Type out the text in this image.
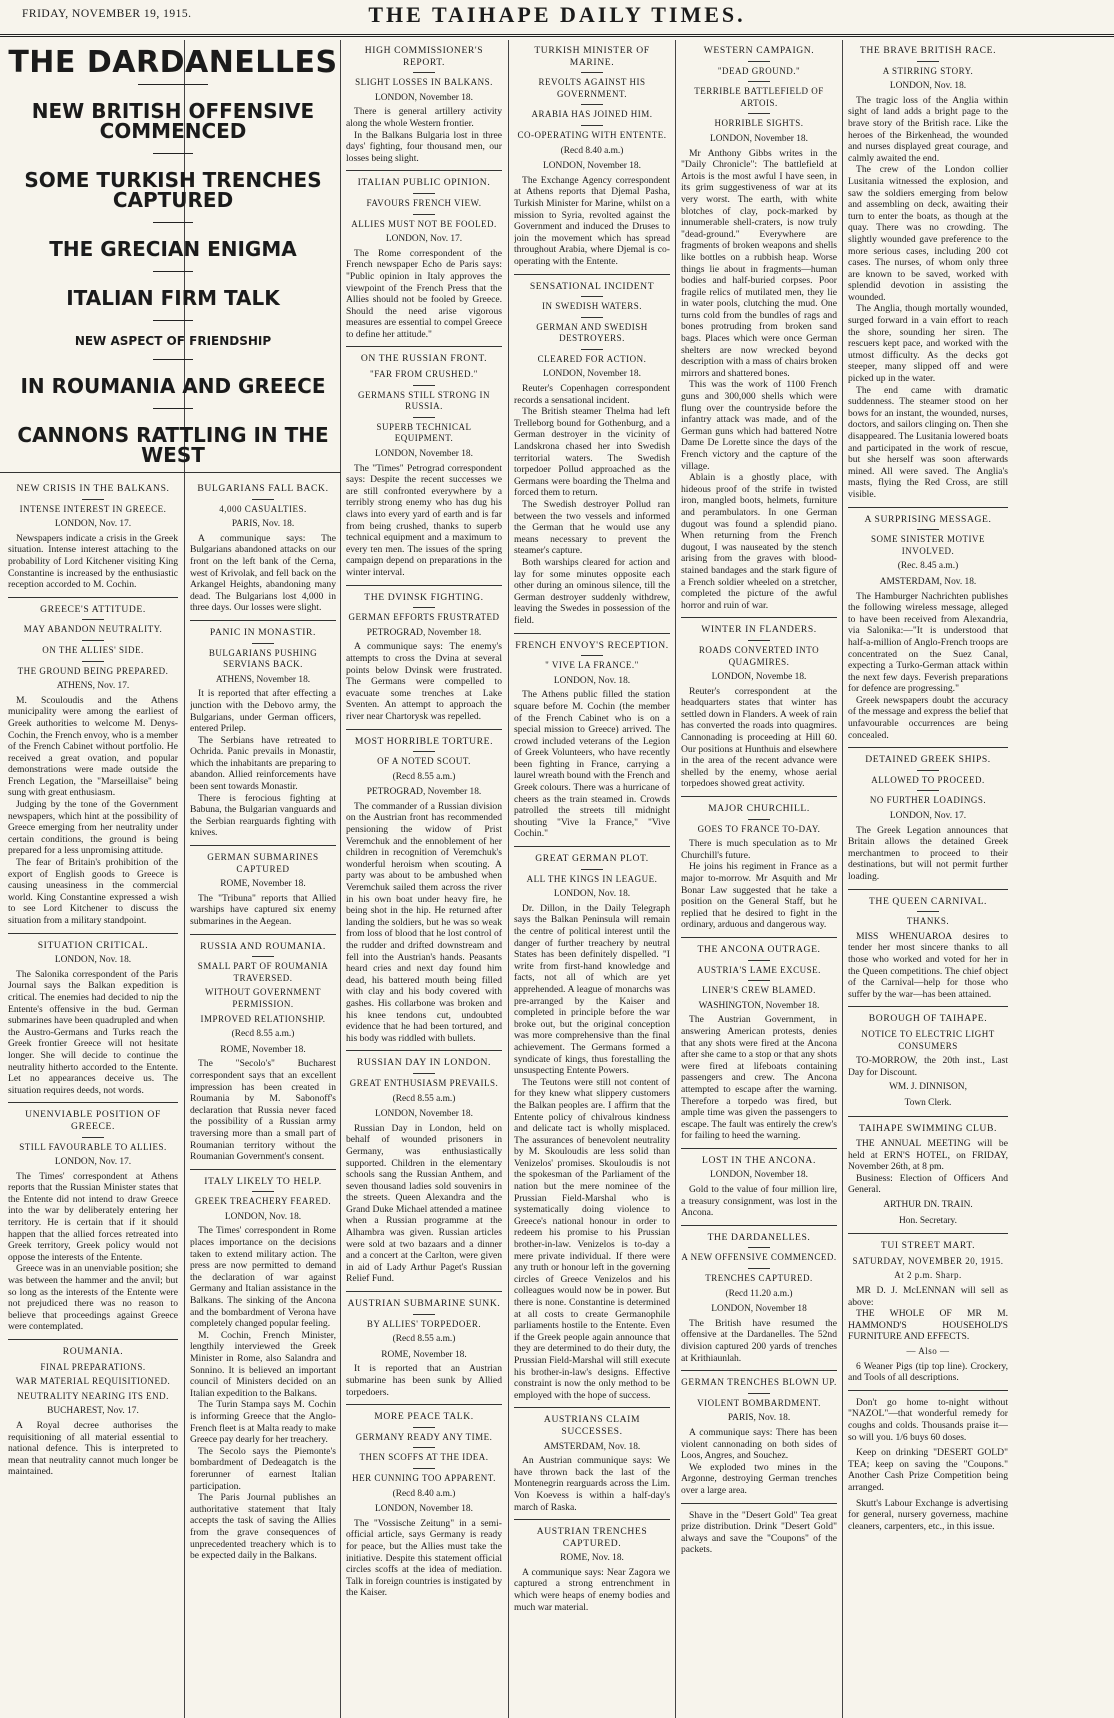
FRIDAY, NOVEMBER 19, 1915.	THE TAIHAPE DAILY TIMES.
THE DARDANELLES
NEW BRITISH OFFENSIVE COMMENCED
SOME TURKISH TRENCHES CAPTURED
THE GRECIAN ENIGMA
ITALIAN FIRM TALK
NEW ASPECT OF FRIENDSHIP
IN ROUMANIA AND GREECE
CANNONS RATTLING IN THE WEST
NEW CRISIS IN THE BALKANS.
INTENSE INTEREST IN GREECE.
LONDON, Nov. 17.

Newspapers indicate a crisis in the Greek situation. Intense interest attaching to the probability of Lord Kitchener visiting King Constantine is increased by the enthusiastic reception accorded to M. Cochin.

GREECE'S ATTITUDE.
MAY ABANDON NEUTRALITY.
ON THE ALLIES' SIDE.
THE GROUND BEING PREPARED.
ATHENS, Nov. 17.

M. Scouloudis and the Athens municipality were among the earliest of Greek authorities to welcome M. Denys-Cochin, the French envoy, who is a member of the French Cabinet without portfolio. He received a great ovation, and popular demonstrations were made outside the French Legation, the "Marseillaise" being sung with great enthusiasm.

Judging by the tone of the Government newspapers, which hint at the possibility of Greece emerging from her neutrality under certain conditions, the ground is being prepared for a less unpromising attitude.

The fear of Britain's prohibition of the export of English goods to Greece is causing uneasiness in the commercial world. King Constantine expressed a wish to see Lord Kitchener to discuss the situation from a military standpoint.

SITUATION CRITICAL.
LONDON, Nov. 18.

The Salonika correspondent of the Paris Journal says the Balkan expedition is critical. The enemies had decided to nip the Entente's offensive in the bud. German submarines have been quadrupled and when the Austro-Germans and Turks reach the Greek frontier Greece will not hesitate longer. She will decide to continue the neutrality hitherto accorded to the Entente. Let no appearances deceive us. The situation requires deeds, not words.

UNENVIABLE POSITION OF GREECE.
STILL FAVOURABLE TO ALLIES.
LONDON, Nov. 17.

The Times' correspondent at Athens reports that the Russian Minister states that the Entente did not intend to draw Greece into the war by deliberately entering her territory. He is certain that if it should happen that the allied forces retreated into Greek territory, Greek policy would not oppose the interests of the Entente.

Greece was in an unenviable position; she was between the hammer and the anvil; but so long as the interests of the Entente were not prejudiced there was no reason to believe that proceedings against Greece were contemplated.

ROUMANIA.
FINAL PREPARATIONS.
WAR MATERIAL REQUISITIONED.
NEUTRALITY NEARING ITS END.
BUCHAREST, Nov. 17.

A Royal decree authorises the requisitioning of all material essential to national defence. This is interpreted to mean that neutrality cannot much longer be maintained.

BULGARIANS FALL BACK.
4,000 CASUALTIES.
PARIS, Nov. 18.

A communique says: The Bulgarians abandoned attacks on our front on the left bank of the Cerna, west of Krivolak, and fell back on the Arkangel Heights, abandoning many dead. The Bulgarians lost 4,000 in three days. Our losses were slight.

PANIC IN MONASTIR.
BULGARIANS PUSHING SERVIANS BACK.
ATHENS, November 18.

It is reported that after effecting a junction with the Debovo army, the Bulgarians, under German officers, entered Prilep.

The Serbians have retreated to Ochrida. Panic prevails in Monastir, which the inhabitants are preparing to abandon. Allied reinforcements have been sent towards Monastir.

There is ferocious fighting at Babuna, the Bulgarian vanguards and the Serbian rearguards fighting with knives.

GERMAN SUBMARINES CAPTURED
ROME, November 18.

The "Tribuna" reports that Allied warships have captured six enemy submarines in the Aegean.

RUSSIA AND ROUMANIA.
SMALL PART OF ROUMANIA TRAVERSED.
WITHOUT GOVERNMENT PERMISSION.
IMPROVED RELATIONSHIP.
(Recd 8.55 a.m.)
ROME, November 18.

The "Secolo's" Bucharest correspondent says that an excellent impression has been created in Roumania by M. Sabonoff's declaration that Russia never faced the possibility of a Russian army traversing more than a small part of Roumanian territory without the Roumanian Government's consent.

ITALY LIKELY TO HELP.
GREEK TREACHERY FEARED.
LONDON, Nov. 18.

The Times' correspondent in Rome places importance on the decisions taken to extend military action. The press are now permitted to demand the declaration of war against Germany and Italian assistance in the Balkans. The sinking of the Ancona and the bombardment of Verona have completely changed popular feeling.

M. Cochin, French Minister, lengthily interviewed the Greek Minister in Rome, also Salandra and Sonnino. It is believed an important council of Ministers decided on an Italian expedition to the Balkans.

The Turin Stampa says M. Cochin is informing Greece that the Anglo-French fleet is at Malta ready to make Greece pay dearly for her treachery.

The Secolo says the Piemonte's bombardment of Dedeagatch is the forerunner of earnest Italian participation.

The Paris Journal publishes an authoritative statement that Italy accepts the task of saving the Allies from the grave consequences of unprecedented treachery which is to be expected daily in the Balkans.

HIGH COMMISSIONER'S REPORT.
SLIGHT LOSSES IN BALKANS.
LONDON, November 18.

There is general artillery activity along the whole Western frontier.

In the Balkans Bulgaria lost in three days' fighting, four thousand men, our losses being slight.

ITALIAN PUBLIC OPINION.
FAVOURS FRENCH VIEW.
ALLIES MUST NOT BE FOOLED.
LONDON, Nov. 17.

The Rome correspondent of the French newspaper Echo de Paris says: "Public opinion in Italy approves the viewpoint of the French Press that the Allies should not be fooled by Greece. Should the need arise vigorous measures are essential to compel Greece to define her attitude."

ON THE RUSSIAN FRONT.
"FAR FROM CRUSHED."
GERMANS STILL STRONG IN RUSSIA.
SUPERB TECHNICAL EQUIPMENT.
LONDON, November 18.

The "Times" Petrograd correspondent says: Despite the recent successes we are still confronted everywhere by a terribly strong enemy who has dug his claws into every yard of earth and is far from being crushed, thanks to superb technical equipment and a maximum to every ten men. The issues of the spring campaign depend on preparations in the winter interval.

THE DVINSK FIGHTING.
GERMAN EFFORTS FRUSTRATED
PETROGRAD, November 18.

A communique says: The enemy's attempts to cross the Dvina at several points below Dvinsk were frustrated. The Germans were compelled to evacuate some trenches at Lake Sventen. An attempt to approach the river near Chartorysk was repelled.

MOST HORRIBLE TORTURE.
OF A NOTED SCOUT.
(Recd 8.55 a.m.)
PETROGRAD, November 18.

The commander of a Russian division on the Austrian front has recommended pensioning the widow of Prist Veremchuk and the ennoblement of her children in recognition of Veremchuk's wonderful heroism when scouting. A party was about to be ambushed when Veremchuk sailed them across the river in his own boat under heavy fire, he being shot in the hip. He returned after landing the soldiers, but he was so weak from loss of blood that he lost control of the rudder and drifted downstream and fell into the Austrian's hands. Peasants heard cries and next day found him dead, his battered mouth being filled with clay and his body covered with gashes. His collarbone was broken and his knee tendons cut, undoubted evidence that he had been tortured, and his body was riddled with bullets.

RUSSIAN DAY IN LONDON.
GREAT ENTHUSIASM PREVAILS.
(Recd 8.55 a.m.)
LONDON, November 18.

Russian Day in London, held on behalf of wounded prisoners in Germany, was enthusiastically supported. Children in the elementary schools sang the Russian Anthem, and seven thousand ladies sold souvenirs in the streets. Queen Alexandra and the Grand Duke Michael attended a matinee when a Russian programme at the Alhambra was given. Russian articles were sold at two bazaars and a dinner and a concert at the Carlton, were given in aid of Lady Arthur Paget's Russian Relief Fund.

AUSTRIAN SUBMARINE SUNK.
BY ALLIES' TORPEDOER.
(Recd 8.55 a.m.)
ROME, November 18.

It is reported that an Austrian submarine has been sunk by Allied torpedoers.

MORE PEACE TALK.
GERMANY READY ANY TIME.
THEN SCOFFS AT THE IDEA.
HER CUNNING TOO APPARENT.
(Recd 8.40 a.m.)
LONDON, November 18.

The "Vossische Zeitung" in a semi-official article, says Germany is ready for peace, but the Allies must take the initiative. Despite this statement official circles scoffs at the idea of mediation. Talk in foreign countries is instigated by the Kaiser.

TURKISH MINISTER OF MARINE.
REVOLTS AGAINST HIS GOVERNMENT.
ARABIA HAS JOINED HIM.
CO-OPERATING WITH ENTENTE.
(Recd 8.40 a.m.)
LONDON, November 18.

The Exchange Agency correspondent at Athens reports that Djemal Pasha, Turkish Minister for Marine, whilst on a mission to Syria, revolted against the Government and induced the Druses to join the movement which has spread throughout Arabia, where Djemal is co-operating with the Entente.

SENSATIONAL INCIDENT
IN SWEDISH WATERS.
GERMAN AND SWEDISH DESTROYERS.
CLEARED FOR ACTION.
LONDON, November 18.

Reuter's Copenhagen correspondent records a sensational incident.

The British steamer Thelma had left Trelleborg bound for Gothenburg, and a German destroyer in the vicinity of Landskrona chased her into Swedish territorial waters. The Swedish torpedoer Pollud approached as the Germans were boarding the Thelma and forced them to return.

The Swedish destroyer Pollud ran between the two vessels and informed the German that he would use any means necessary to prevent the steamer's capture.

Both warships cleared for action and lay for some minutes opposite each other during an ominous silence, till the German destroyer suddenly withdrew, leaving the Swedes in possession of the field.

FRENCH ENVOY'S RECEPTION.
" VIVE LA FRANCE."
LONDON, Nov. 18.

The Athens public filled the station square before M. Cochin (the member of the French Cabinet who is on a special mission to Greece) arrived. The crowd included veterans of the Legion of Greek Volunteers, who have recently been fighting in France, carrying a laurel wreath bound with the French and Greek colours. There was a hurricane of cheers as the train steamed in. Crowds patrolled the streets till midnight shouting "Vive la France," "Vive Cochin."

GREAT GERMAN PLOT.
ALL THE KINGS IN LEAGUE.
LONDON, Nov. 18.

Dr. Dillon, in the Daily Telegraph says the Balkan Peninsula will remain the centre of political interest until the danger of further treachery by neutral States has been definitely dispelled. "I write from first-hand knowledge and facts, not all of which are yet apprehended. A league of monarchs was pre-arranged by the Kaiser and completed in principle before the war broke out, but the original conception was more comprehensive than the final achievement. The Germans formed a syndicate of kings, thus forestalling the unsuspecting Entente Powers.

The Teutons were still not content of for they knew what slippery customers the Balkan peoples are. I affirm that the Entente policy of chivalrous kindness and delicate tact is wholly misplaced. The assurances of benevolent neutrality by M. Skouloudis are less solid than Venizelos' promises. Skouloudis is not the spokesman of the Parliament of the nation but the mere nominee of the Prussian Field-Marshal who is systematically doing violence to Greece's national honour in order to redeem his promise to his Prussian brother-in-law. Venizelos is to-day a mere private individual. If there were any truth or honour left in the governing circles of Greece Venizelos and his colleagues would now be in power. But there is none. Constantine is determined at all costs to create Germanophile parliaments hostile to the Entente. Even if the Greek people again announce that they are determined to do their duty, the Prussian Field-Marshal will still execute his brother-in-law's designs. Effective constraint is now the only method to be employed with the hope of success.

AUSTRIANS CLAIM SUCCESSES.
AMSTERDAM, Nov. 18.

An Austrian communique says: We have thrown back the last of the Montenegrin rearguards across the Lim. Von Koevess is within a half-day's march of Raska.

AUSTRIAN TRENCHES CAPTURED.
ROME, Nov. 18.

A communique says: Near Zagora we captured a strong entrenchment in which were heaps of enemy bodies and much war material.

WESTERN CAMPAIGN.
"DEAD GROUND."
TERRIBLE BATTLEFIELD OF ARTOIS.
HORRIBLE SIGHTS.
LONDON, November 18.

Mr Anthony Gibbs writes in the "Daily Chronicle": The battlefield at Artois is the most awful I have seen, in its grim suggestiveness of war at its very worst. The earth, with white blotches of clay, pock-marked by innumerable shell-craters, is now truly "dead-ground." Everywhere are fragments of broken weapons and shells like bottles on a rubbish heap. Worse things lie about in fragments—human bodies and half-buried corpses. Poor fragile relics of mutilated men, they lie in water pools, clutching the mud. One turns cold from the bundles of rags and bones protruding from broken sand bags. Places which were once German shelters are now wrecked beyond description with a mass of chairs broken mirrors and shattered bones.

This was the work of 1100 French guns and 300,000 shells which were flung over the countryside before the infantry attack was made, and of the German guns which had battered Notre Dame De Lorette since the days of the French victory and the capture of the village.

Ablain is a ghostly place, with hideous proof of the strife in twisted iron, mangled boots, helmets, furniture and perambulators. In one German dugout was found a splendid piano. When returning from the French dugout, I was nauseated by the stench arising from the graves with blood-stained bandages and the stark figure of a French soldier wheeled on a stretcher, completed the picture of the awful horror and ruin of war.

WINTER IN FLANDERS.
ROADS CONVERTED INTO QUAGMIRES.
LONDON, Novembe 18.

Reuter's correspondent at the headquarters states that winter has settled down in Flanders. A week of rain has converted the roads into quagmires. Cannonading is proceeding at Hill 60. Our positions at Hunthuis and elsewhere in the area of the recent advance were shelled by the enemy, whose aerial torpedoes showed great activity.

MAJOR CHURCHILL.
GOES TO FRANCE TO-DAY.

There is much speculation as to Mr Churchill's future.

He joins his regiment in France as a major to-morrow. Mr Asquith and Mr Bonar Law suggested that he take a position on the General Staff, but he replied that he desired to fight in the ordinary, arduous and dangerous way.

THE ANCONA OUTRAGE.
AUSTRIA'S LAME EXCUSE.
LINER'S CREW BLAMED.
WASHINGTON, November 18.

The Austrian Government, in answering American protests, denies that any shots were fired at the Ancona after she came to a stop or that any shots were fired at lifeboats containing passengers and crew. The Ancona attempted to escape after the warning. Therefore a torpedo was fired, but ample time was given the passengers to escape. The fault was entirely the crew's for failing to heed the warning.

LOST IN THE ANCONA.
LONDON, November 18.

Gold to the value of four million lire, a treasury consignment, was lost in the Ancona.

THE DARDANELLES.
A NEW OFFENSIVE COMMENCED.
TRENCHES CAPTURED.
(Recd 11.20 a.m.)
LONDON, November 18

The British have resumed the offensive at the Dardanelles. The 52nd division captured 200 yards of trenches at Krithiaunlah.

GERMAN TRENCHES BLOWN UP.
VIOLENT BOMBARDMENT.
PARIS, Nov. 18.

A communique says: There has been violent cannonading on both sides of Loos, Angres, and Souchez.

We exploded two mines in the Argonne, destroying German trenches over a large area.

Shave in the "Desert Gold" Tea great prize distribution. Drink "Desert Gold" always and save the "Coupons" of the packets.

THE BRAVE BRITISH RACE.
A STIRRING STORY.
LONDON, Nov. 18.

The tragic loss of the Anglia within sight of land adds a bright page to the brave story of the British race. Like the heroes of the Birkenhead, the wounded and nurses displayed great courage, and calmly awaited the end.

The crew of the London collier Lusitania witnessed the explosion, and saw the soldiers emerging from below and assembling on deck, awaiting their turn to enter the boats, as though at the quay. There was no crowding. The slightly wounded gave preference to the more serious cases, including 200 cot cases. The nurses, of whom only three are known to be saved, worked with splendid devotion in assisting the wounded.

The Anglia, though mortally wounded, surged forward in a vain effort to reach the shore, sounding her siren. The rescuers kept pace, and worked with the utmost difficulty. As the decks got steeper, many slipped off and were picked up in the water.

The end came with dramatic suddenness. The steamer stood on her bows for an instant, the wounded, nurses, doctors, and sailors clinging on. Then she disappeared. The Lusitania lowered boats and participated in the work of rescue, but she herself was soon afterwards mined. All were saved. The Anglia's masts, flying the Red Cross, are still visible.

A SURPRISING MESSAGE.
SOME SINISTER MOTIVE INVOLVED.
(Rec. 8.45 a.m.)
AMSTERDAM, Nov. 18.

The Hamburger Nachrichten publishes the following wireless message, alleged to have been received from Alexandria, via Salonika:—"It is understood that half-a-million of Anglo-French troops are concentrated on the Suez Canal, expecting a Turko-German attack within the next few days. Feverish preparations for defence are progressing."

Greek newspapers doubt the accuracy of the message and express the belief that unfavourable occurrences are being concealed.

DETAINED GREEK SHIPS.
ALLOWED TO PROCEED.
NO FURTHER LOADINGS.
LONDON, Nov. 17.

The Greek Legation announces that Britain allows the detained Greek merchantmen to proceed to their destinations, but will not permit further loading.

THE QUEEN CARNIVAL.
THANKS.

MISS WHENUAROA desires to tender her most sincere thanks to all those who worked and voted for her in the Queen competitions. The chief object of the Carnival—help for those who suffer by the war—has been attained.

BOROUGH OF TAIHAPE.
NOTICE TO ELECTRIC LIGHT CONSUMERS

TO-MORROW, the 20th inst., Last Day for Discount.

WM. J. DINNISON,
Town Clerk.
TAIHAPE SWIMMING CLUB.

THE ANNUAL MEETING will be held at ERN'S HOTEL, on FRIDAY, November 26th, at 8 pm.

Business: Election of Officers And General.

ARTHUR DN. TRAIN.
Hon. Secretary.
TUI STREET MART.
SATURDAY, NOVEMBER 20, 1915.
At 2 p.m. Sharp.

MR D. J. McLENNAN will sell as above:

THE WHOLE OF MR M. HAMMOND'S HOUSEHOLD'S FURNITURE AND EFFECTS.

— Also —

6 Weaner Pigs (tip top line). Crockery, and Tools of all descriptions.

Don't go home to-night without "NAZOL"—that wonderful remedy for coughs and colds. Thousands praise it—so will you. 1/6 buys 60 doses.

Keep on drinking "DESERT GOLD" TEA; keep on saving the "Coupons." Another Cash Prize Competition being arranged.

Skutt's Labour Exchange is advertising for general, nursery governess, machine cleaners, carpenters, etc., in this issue.
